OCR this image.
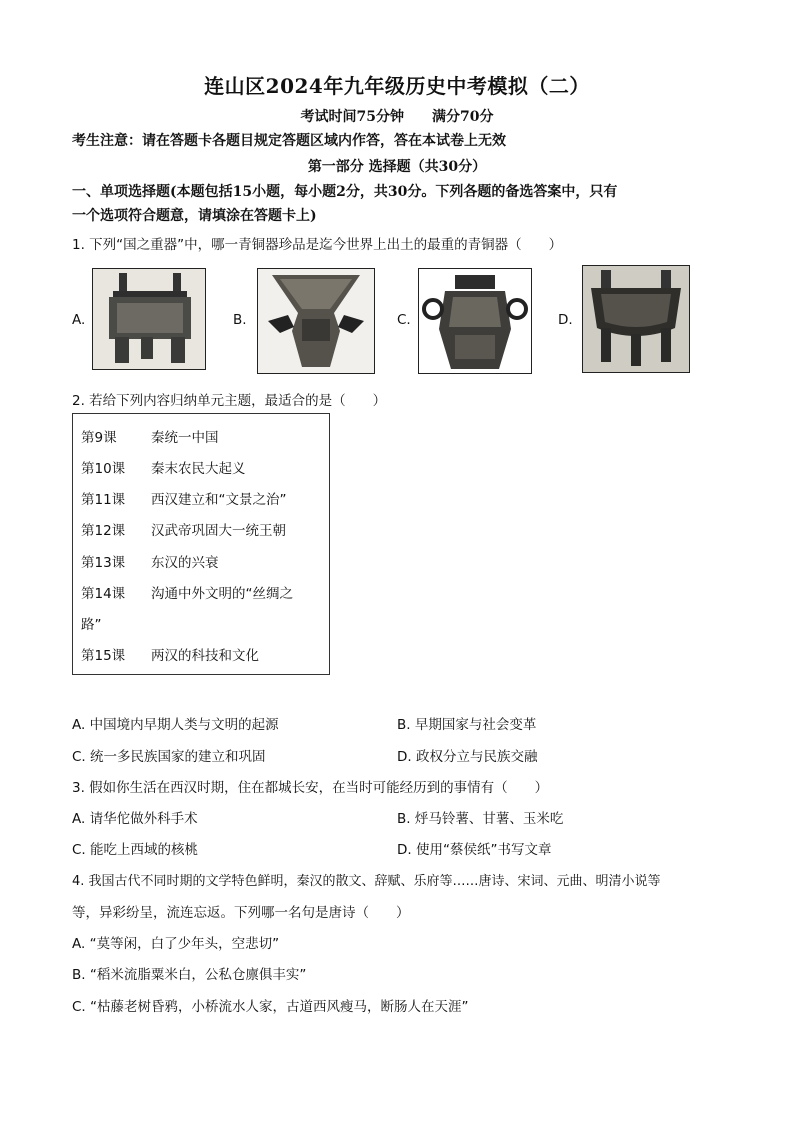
连山区2024年九年级历史中考模拟（二）
考试时间75分钟　　满分70分
考生注意：请在答题卡各题目规定答题区域内作答，答在本试卷上无效
第一部分 选择题（共30分）
一、单项选择题(本题包括15小题，每小题2分，共30分。下列各题的备选答案中，只有
一个选项符合题意，请填涂在答题卡上)
1. 下列“国之重器”中，哪一青铜器珍品是迄今世界上出土的最重的青铜器（　　）
A.	B.	C.	D.
2. 若给下列内容归纳单元主题，最适合的是（　　）
第9课	秦统一中国
第10课 秦末农民大起义
第11课 西汉建立和“文景之治”
第12课 汉武帝巩固大一统王朝
第13课 东汉的兴衰
第14课 沟通中外文明的“丝绸之
路”
第15课 两汉的科技和文化
A. 中国境内早期人类与文明的起源	B. 早期国家与社会变革
C. 统一多民族国家的建立和巩固	D. 政权分立与民族交融
3. 假如你生活在西汉时期，住在都城长安，在当时可能经历到的事情有（　　）
A. 请华佗做外科手术	B. 烀马铃薯、甘薯、玉米吃
C. 能吃上西域的核桃	D. 使用“蔡侯纸”书写文章
4. 我国古代不同时期的文学特色鲜明，秦汉的散文、辞赋、乐府等……唐诗、宋词、元曲、明清小说等
等，异彩纷呈，流连忘返。下列哪一名句是唐诗（　　）
A. “莫等闲，白了少年头，空悲切”
B. “稻米流脂粟米白，公私仓廪俱丰实”
C. “枯藤老树昏鸦，小桥流水人家，古道西风瘦马，断肠人在天涯”
